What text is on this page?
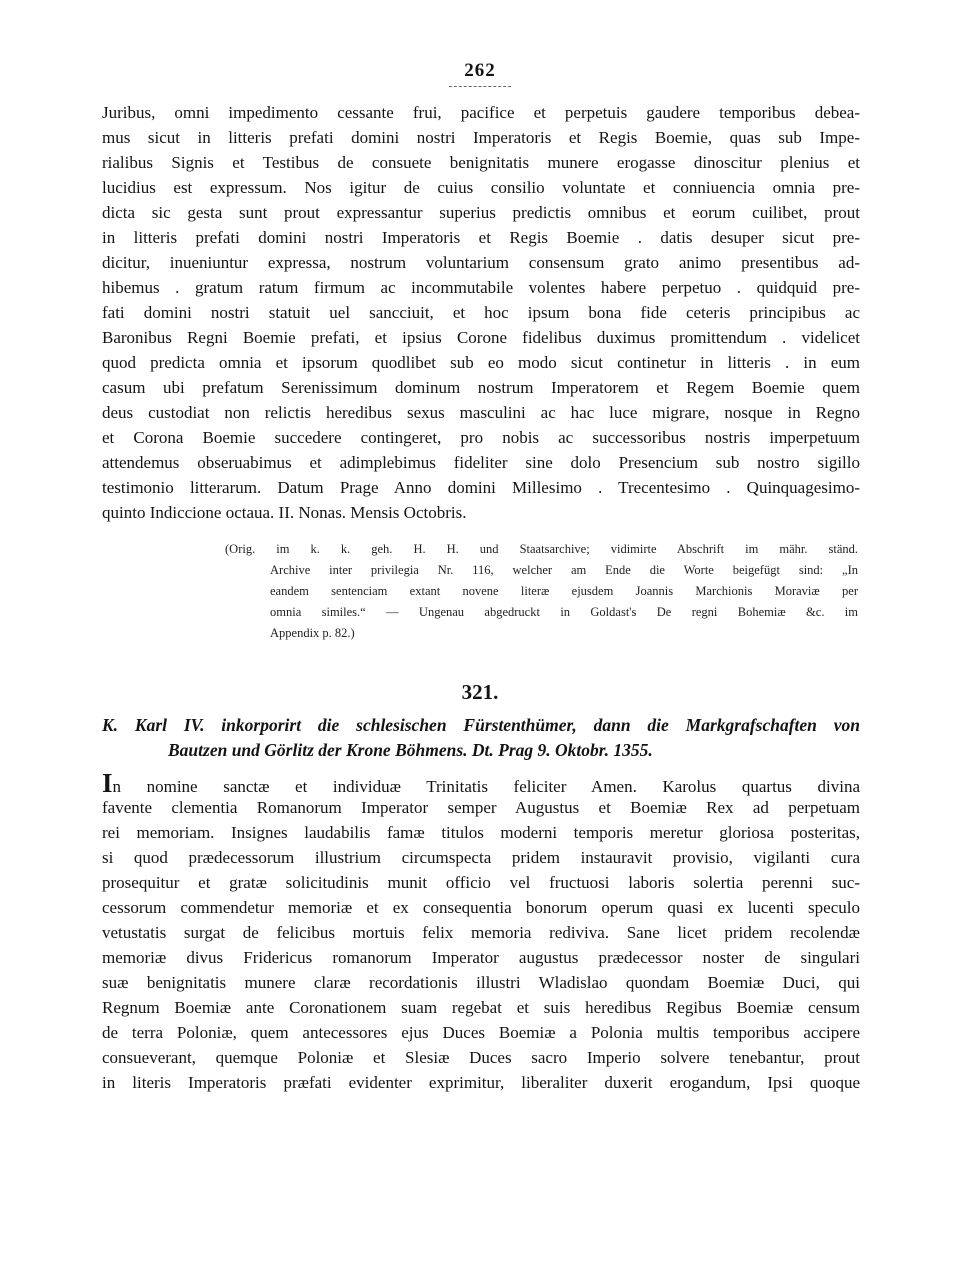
262
Juribus, omni impedimento cessante frui, pacifice et perpetuis gaudere temporibus debea-
mus sicut in litteris prefati domini nostri Imperatoris et Regis Boemie, quas sub Impe-
rialibus Signis et Testibus de consuete benignitatis munere erogasse dinoscitur plenius et
lucidius est expressum. Nos igitur de cuius consilio voluntate et conniuencia omnia pre-
dicta sic gesta sunt prout expressantur superius predictis omnibus et eorum cuilibet, prout
in litteris prefati domini nostri Imperatoris et Regis Boemie . datis desuper sicut pre-
dicitur, inueniuntur expressa, nostrum voluntarium consensum grato animo presentibus ad-
hibemus . gratum ratum firmum ac incommutabile volentes habere perpetuo . quidquid pre-
fati domini nostri statuit uel sancciuit, et hoc ipsum bona fide ceteris principibus ac
Baronibus Regni Boemie prefati, et ipsius Corone fidelibus duximus promittendum . videlicet
quod predicta omnia et ipsorum quodlibet sub eo modo sicut continetur in litteris . in eum
casum ubi prefatum Serenissimum dominum nostrum Imperatorem et Regem Boemie quem
deus custodiat non relictis heredibus sexus masculini ac hac luce migrare, nosque in Regno
et Corona Boemie succedere contingeret, pro nobis ac successoribus nostris imperpetuum
attendemus obseruabimus et adimplebimus fideliter sine dolo Presencium sub nostro sigillo
testimonio litterarum. Datum Prage Anno domini Millesimo . Trecentesimo . Quinquagesimo-
quinto Indiccione octaua. II. Nonas. Mensis Octobris.
(Orig. im k. k. geh. H. H. und Staatsarchive; vidimirte Abschrift im mähr. ständ.
Archive inter privilegia Nr. 116, welcher am Ende die Worte beigefügt sind: „In
eandem sentenciam extant novene literæ ejusdem Joannis Marchionis Moraviæ per
omnia similes.“ — Ungenau abgedruckt in Goldast's De regni Bohemiæ &c. im
Appendix p. 82.)
321.
K. Karl IV. inkorporirt die schlesischen Fürstenthümer, dann die Markgrafschaften von
Bautzen und Görlitz der Krone Böhmens. Dt. Prag 9. Oktobr. 1355.
In nomine sanctæ et individuæ Trinitatis feliciter Amen. Karolus quartus divina
favente clementia Romanorum Imperator semper Augustus et Boemiæ Rex ad perpetuam
rei memoriam. Insignes laudabilis famæ titulos moderni temporis meretur gloriosa posteritas,
si quod prædecessorum illustrium circumspecta pridem instauravit provisio, vigilanti cura
prosequitur et gratæ solicitudinis munit officio vel fructuosi laboris solertia perenni suc-
cessorum commendetur memoriæ et ex consequentia bonorum operum quasi ex lucenti speculo
vetustatis surgat de felicibus mortuis felix memoria rediviva. Sane licet pridem recolendæ
memoriæ divus Fridericus romanorum Imperator augustus prædecessor noster de singulari
suæ benignitatis munere claræ recordationis illustri Wladislao quondam Boemiæ Duci, qui
Regnum Boemiæ ante Coronationem suam regebat et suis heredibus Regibus Boemiæ censum
de terra Poloniæ, quem antecessores ejus Duces Boemiæ a Polonia multis temporibus accipere
consueverant, quemque Poloniæ et Slesiæ Duces sacro Imperio solvere tenebantur, prout
in literis Imperatoris præfati evidenter exprimitur, liberaliter duxerit erogandum, Ipsi quoque
